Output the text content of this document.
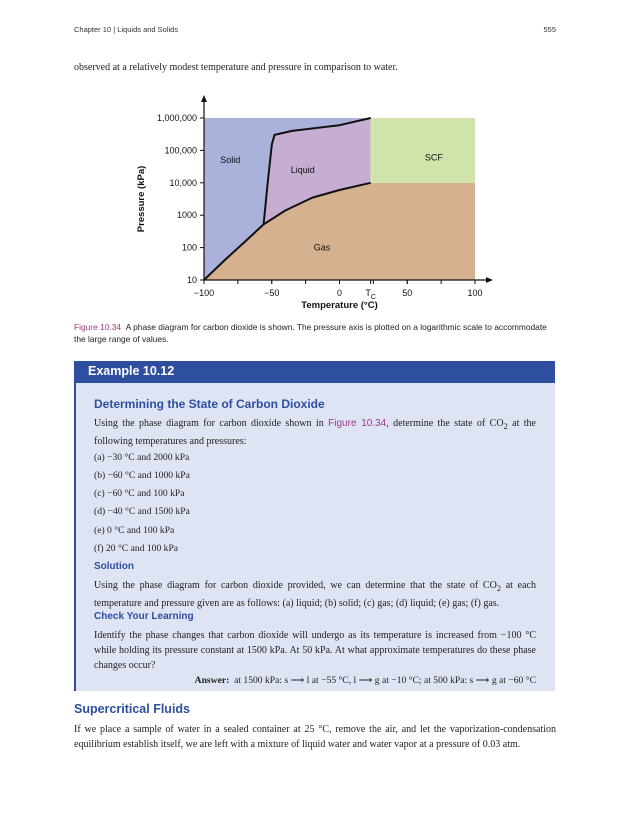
Chapter 10 | Liquids and Solids	555
observed at a relatively modest temperature and pressure in comparison to water.
1,000,000
100,000
10,000
1000
100
10
−100	−50	0	$T_C$	50	100
Solid
Liquid
Gas
SCF
Temperature (°C)
Pressure (kPa)
Figure 10.34 A phase diagram for carbon dioxide is shown. The pressure axis is plotted on a logarithmic scale to accommodate the large range of values.
Example 10.12
Determining the State of Carbon Dioxide
Using the phase diagram for carbon dioxide shown in Figure 10.34, determine the state of $CO_2$ at the following temperatures and pressures:
(a) −30 °C and 2000 kPa
(b) −60 °C and 1000 kPa
(c) −60 °C and 100 kPa
(d) −40 °C and 1500 kPa
(e) 0 °C and 100 kPa
(f) 20 °C and 100 kPa
Solution
Using the phase diagram for carbon dioxide provided, we can determine that the state of $CO_2$ at each temperature and pressure given are as follows: (a) liquid; (b) solid; (c) gas; (d) liquid; (e) gas; (f) gas.
Check Your Learning
Identify the phase changes that carbon dioxide will undergo as its temperature is increased from −100 °C while holding its pressure constant at 1500 kPa. At 50 kPa. At what approximate temperatures do these phase changes occur?
Answer: at 1500 kPa: s ⟶ l at −55 °C, l ⟶ g at −10 °C; at 500 kPa: s ⟶ g at −60 °C
Supercritical Fluids
If we place a sample of water in a sealed container at 25 °C, remove the air, and let the vaporization-condensation equilibrium establish itself, we are left with a mixture of liquid water and water vapor at a pressure of 0.03 atm.
